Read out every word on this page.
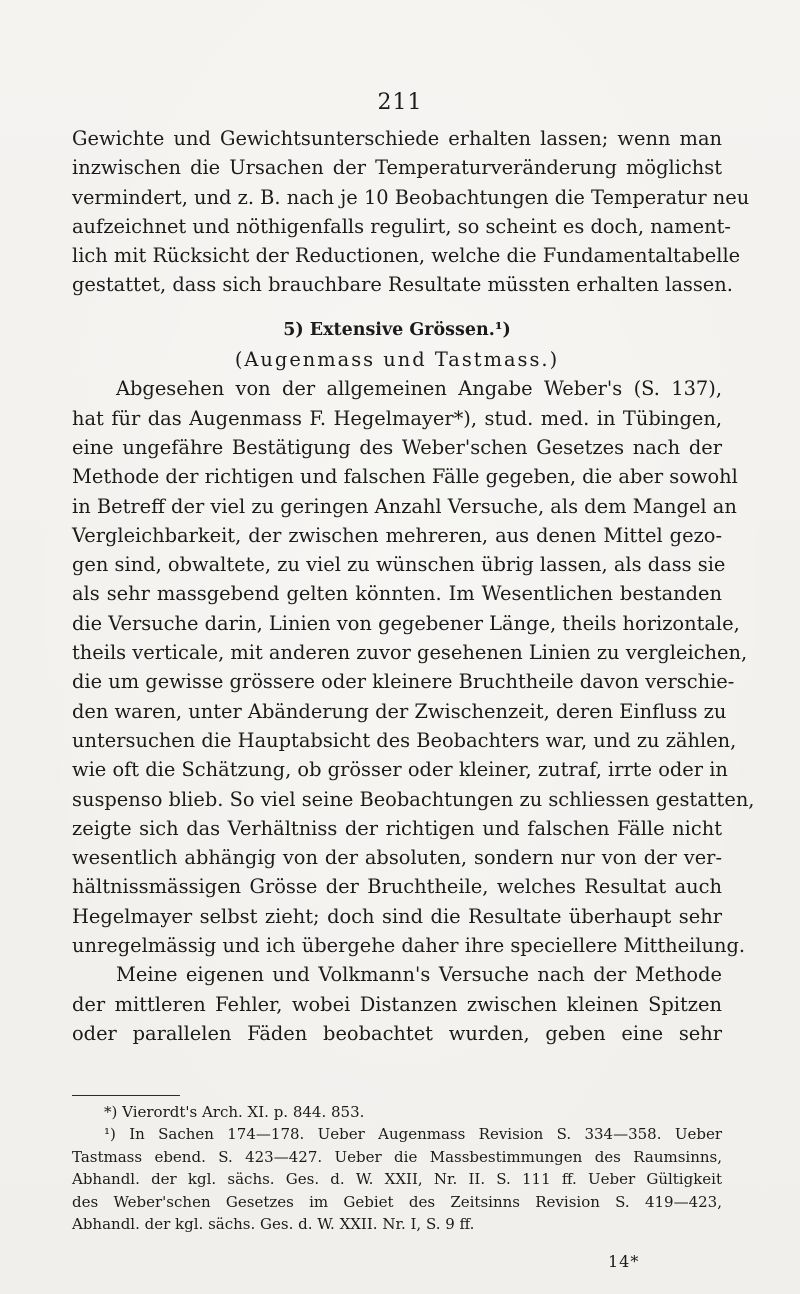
211
Gewichte und Gewichtsunterschiede erhalten lassen; wenn man
inzwischen die Ursachen der Temperaturveränderung möglichst
vermindert, und z. B. nach je 10 Beobachtungen die Temperatur neu
aufzeichnet und nöthigenfalls regulirt, so scheint es doch, nament-
lich mit Rücksicht der Reductionen, welche die Fundamentaltabelle
gestattet, dass sich brauchbare Resultate müssten erhalten lassen.
5) Extensive Grössen.¹)
(Augenmass und Tastmass.)
Abgesehen von der allgemeinen Angabe Weber's (S. 137),
hat für das Augenmass F. Hegelmayer*), stud. med. in Tübingen,
eine ungefähre Bestätigung des Weber'schen Gesetzes nach der
Methode der richtigen und falschen Fälle gegeben, die aber sowohl
in Betreff der viel zu geringen Anzahl Versuche, als dem Mangel an
Vergleichbarkeit, der zwischen mehreren, aus denen Mittel gezo-
gen sind, obwaltete, zu viel zu wünschen übrig lassen, als dass sie
als sehr massgebend gelten könnten. Im Wesentlichen bestanden
die Versuche darin, Linien von gegebener Länge, theils horizontale,
theils verticale, mit anderen zuvor gesehenen Linien zu vergleichen,
die um gewisse grössere oder kleinere Bruchtheile davon verschie-
den waren, unter Abänderung der Zwischenzeit, deren Einfluss zu
untersuchen die Hauptabsicht des Beobachters war, und zu zählen,
wie oft die Schätzung, ob grösser oder kleiner, zutraf, irrte oder in
suspenso blieb. So viel seine Beobachtungen zu schliessen gestatten,
zeigte sich das Verhältniss der richtigen und falschen Fälle nicht
wesentlich abhängig von der absoluten, sondern nur von der ver-
hältnissmässigen Grösse der Bruchtheile, welches Resultat auch
Hegelmayer selbst zieht; doch sind die Resultate überhaupt sehr
unregelmässig und ich übergehe daher ihre speciellere Mittheilung.
Meine eigenen und Volkmann's Versuche nach der Methode
der mittleren Fehler, wobei Distanzen zwischen kleinen Spitzen
oder parallelen Fäden beobachtet wurden, geben eine sehr
*) Vierordt's Arch. XI. p. 844. 853.
¹) In Sachen 174—178. Ueber Augenmass Revision S. 334—358. Ueber
Tastmass ebend. S. 423—427. Ueber die Massbestimmungen des Raumsinns,
Abhandl. der kgl. sächs. Ges. d. W. XXII, Nr. II. S. 111 ff. Ueber Gültigkeit
des Weber'schen Gesetzes im Gebiet des Zeitsinns Revision S. 419—423,
Abhandl. der kgl. sächs. Ges. d. W. XXII. Nr. I, S. 9 ff.
14*
